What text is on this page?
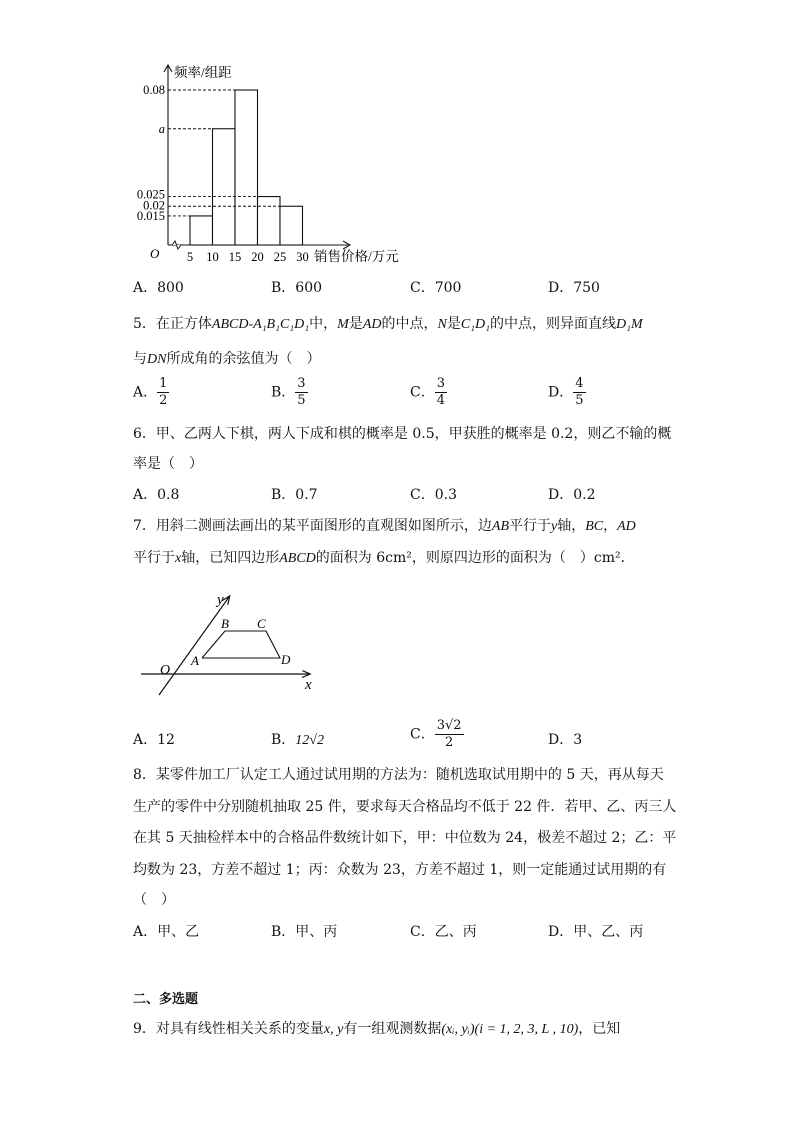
0.08
a
0.025
0.02
0.015
5 10 15 20 25 30
O
频率/组距
销售价格/万元
A．800	B．600	C．700	D．750
5．在正方体ABCD-A₁B₁C₁D₁中，M是AD的中点，N是C₁D₁的中点，则异面直线D₁M
与DN所成角的余弦值为（　）
A． $\frac{1}{2}$	B． $\frac{3}{5}$	C． $\frac{3}{4}$	D． $\frac{4}{5}$
6．甲、乙两人下棋，两人下成和棋的概率是 0.5，甲获胜的概率是 0.2，则乙不输的概
率是（　）
A．0.8	B．0.7	C．0.3	D．0.2
7．用斜二测画法画出的某平面图形的直观图如图所示，边AB平行于y轴，BC，AD
平行于x轴，已知四边形ABCD的面积为 6cm²，则原四边形的面积为（　）cm²．
y
x
O
A
B C
D
A．12	B．12√2	C． $\frac{3√2}{2}$	D．3
8．某零件加工厂认定工人通过试用期的方法为：随机选取试用期中的 5 天，再从每天
生产的零件中分别随机抽取 25 件，要求每天合格品均不低于 22 件．若甲、乙、丙三人
在其 5 天抽检样本中的合格品件数统计如下，甲：中位数为 24，极差不超过 2；乙：平
均数为 23，方差不超过 1；丙：众数为 23，方差不超过 1，则一定能通过试用期的有
（　）
A．甲、乙	B．甲、丙	C．乙、丙	D．甲、乙、丙
二、多选题
9．对具有线性相关关系的变量x, y有一组观测数据(xᵢ, yᵢ)(i = 1, 2, 3, L , 10)，已知
